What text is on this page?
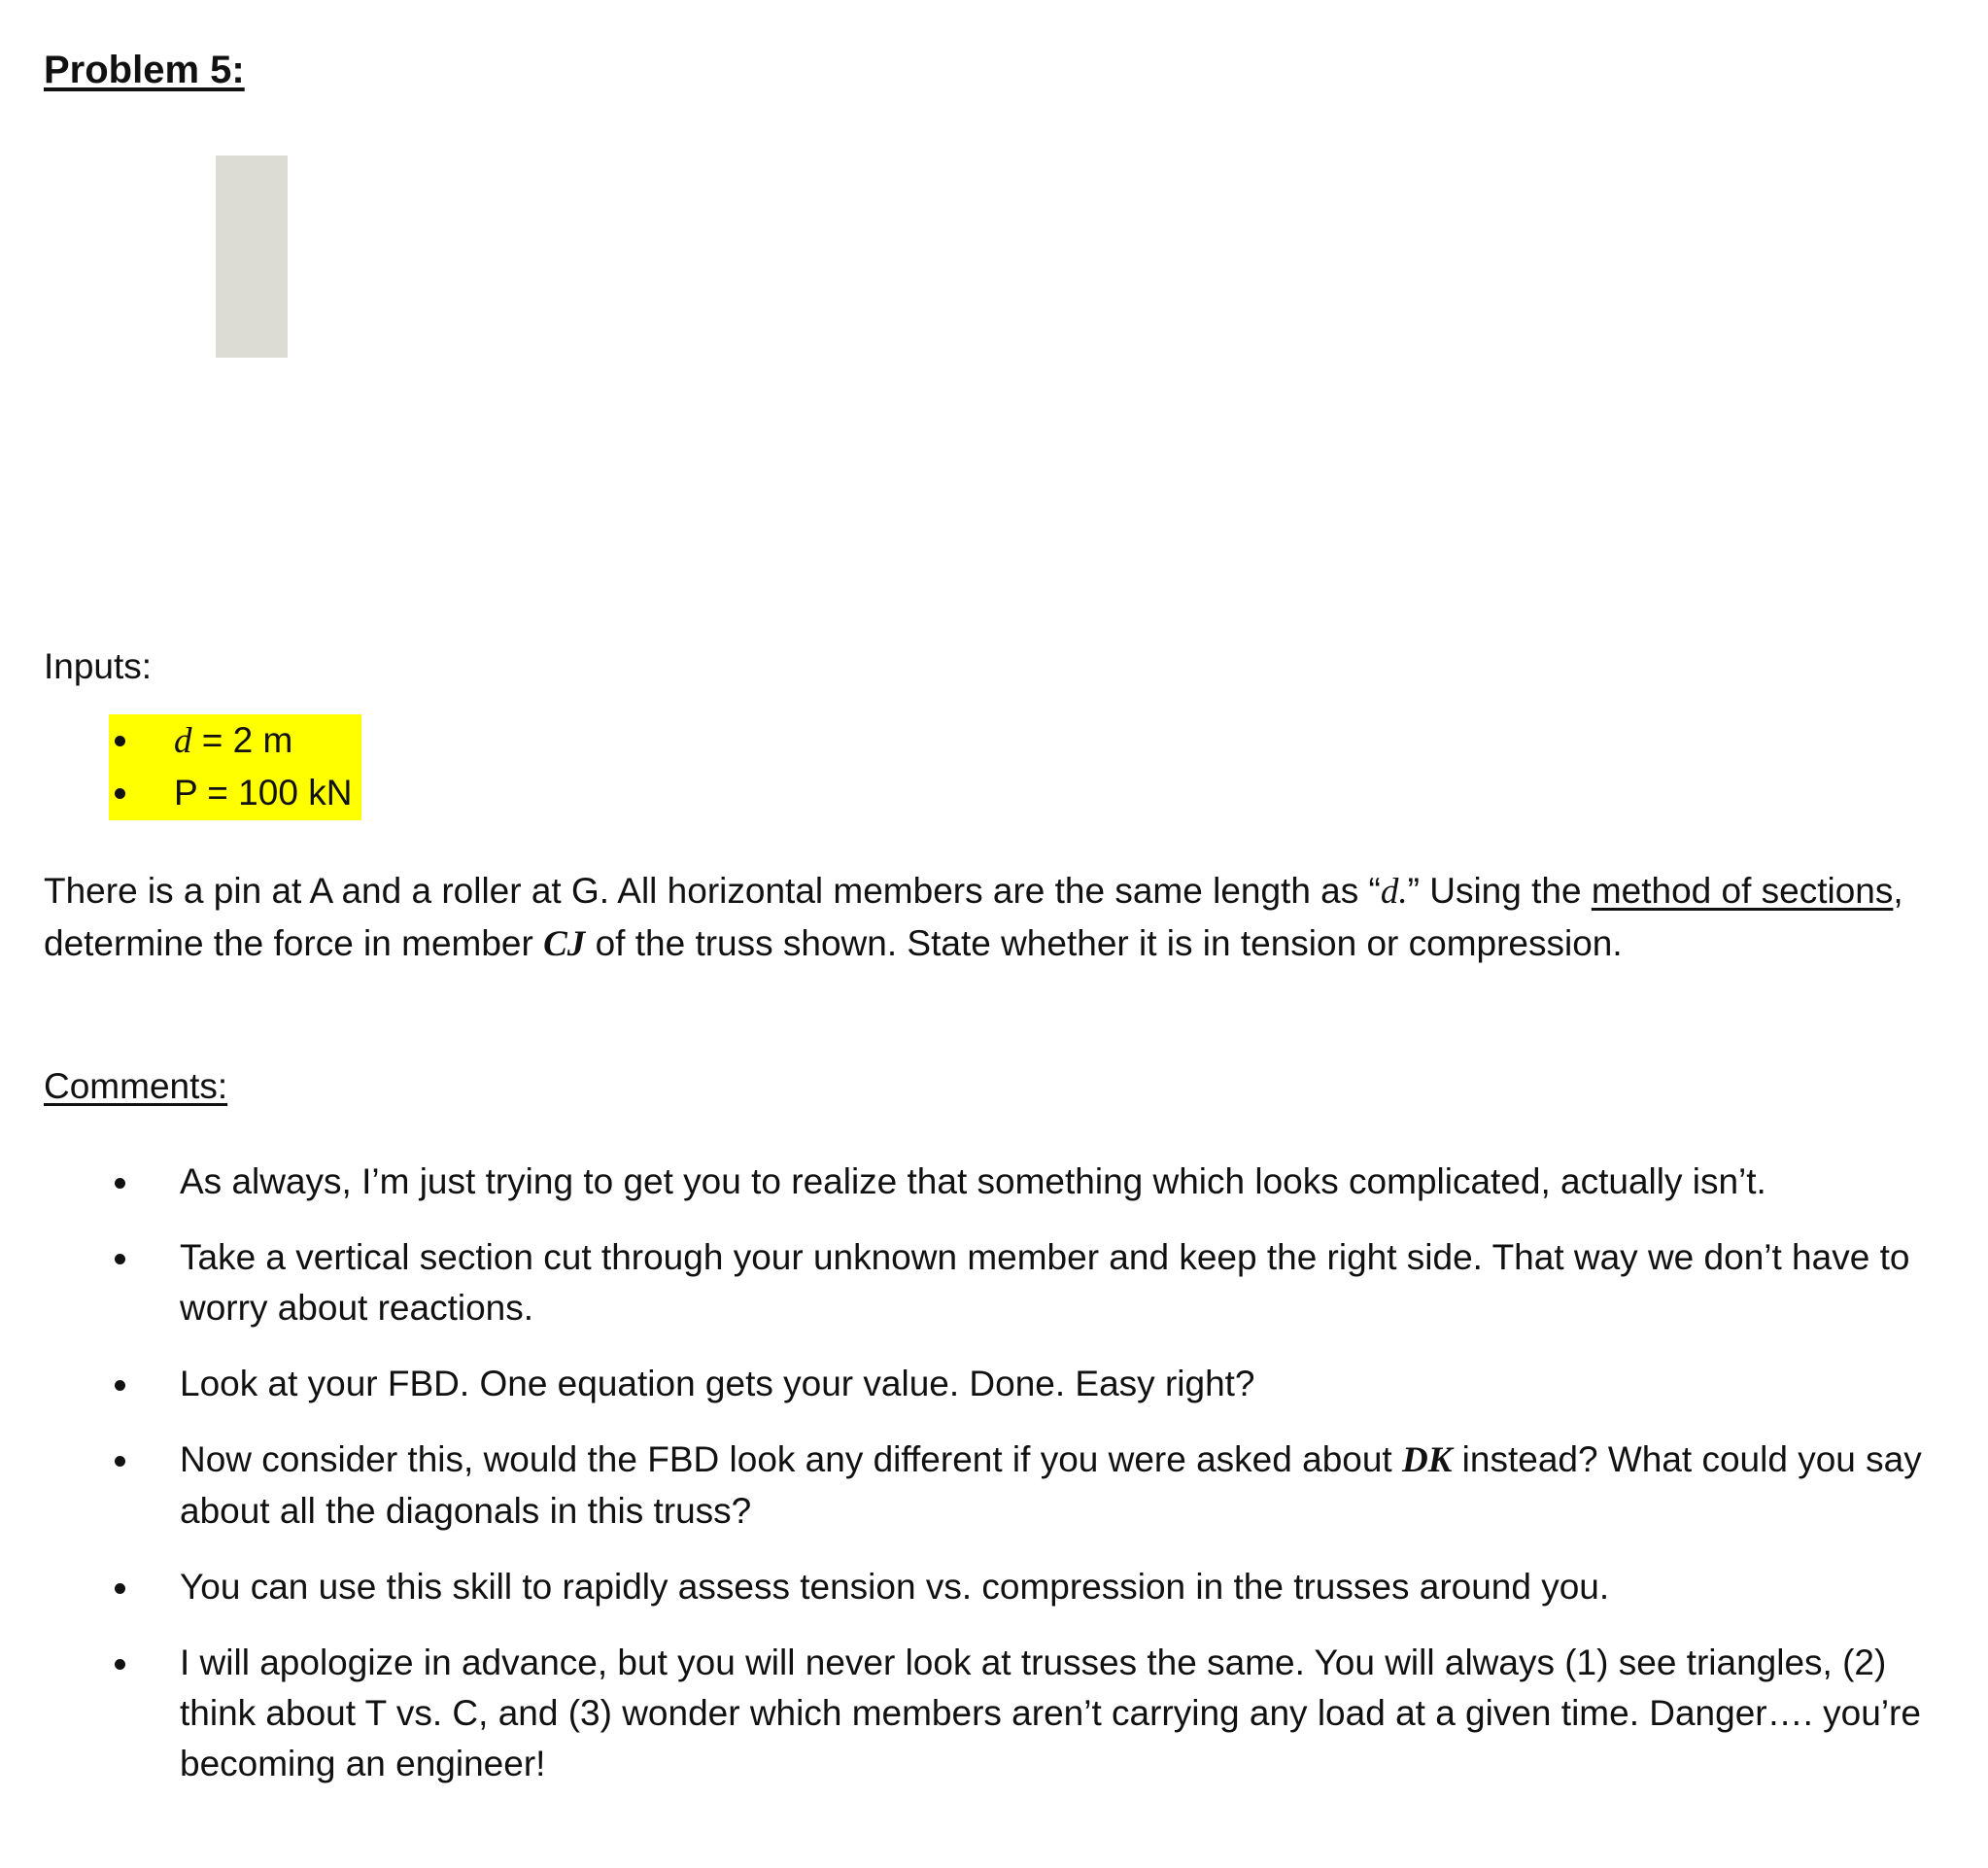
Problem 5:
Inputs:
d = 2 m
P = 100 kN
There is a pin at A and a roller at G. All horizontal members are the same length as “d.” Using the method of sections, determine the force in member CJ of the truss shown. State whether it is in tension or compression.
Comments:
As always, I’m just trying to get you to realize that something which looks complicated, actually isn’t.
Take a vertical section cut through your unknown member and keep the right side. That way we don’t have to worry about reactions.
Look at your FBD. One equation gets your value. Done. Easy right?
Now consider this, would the FBD look any different if you were asked about DK instead? What could you say about all the diagonals in this truss?
You can use this skill to rapidly assess tension vs. compression in the trusses around you.
I will apologize in advance, but you will never look at trusses the same. You will always (1) see triangles, (2) think about T vs. C, and (3) wonder which members aren’t carrying any load at a given time. Danger…. you’re becoming an engineer!
